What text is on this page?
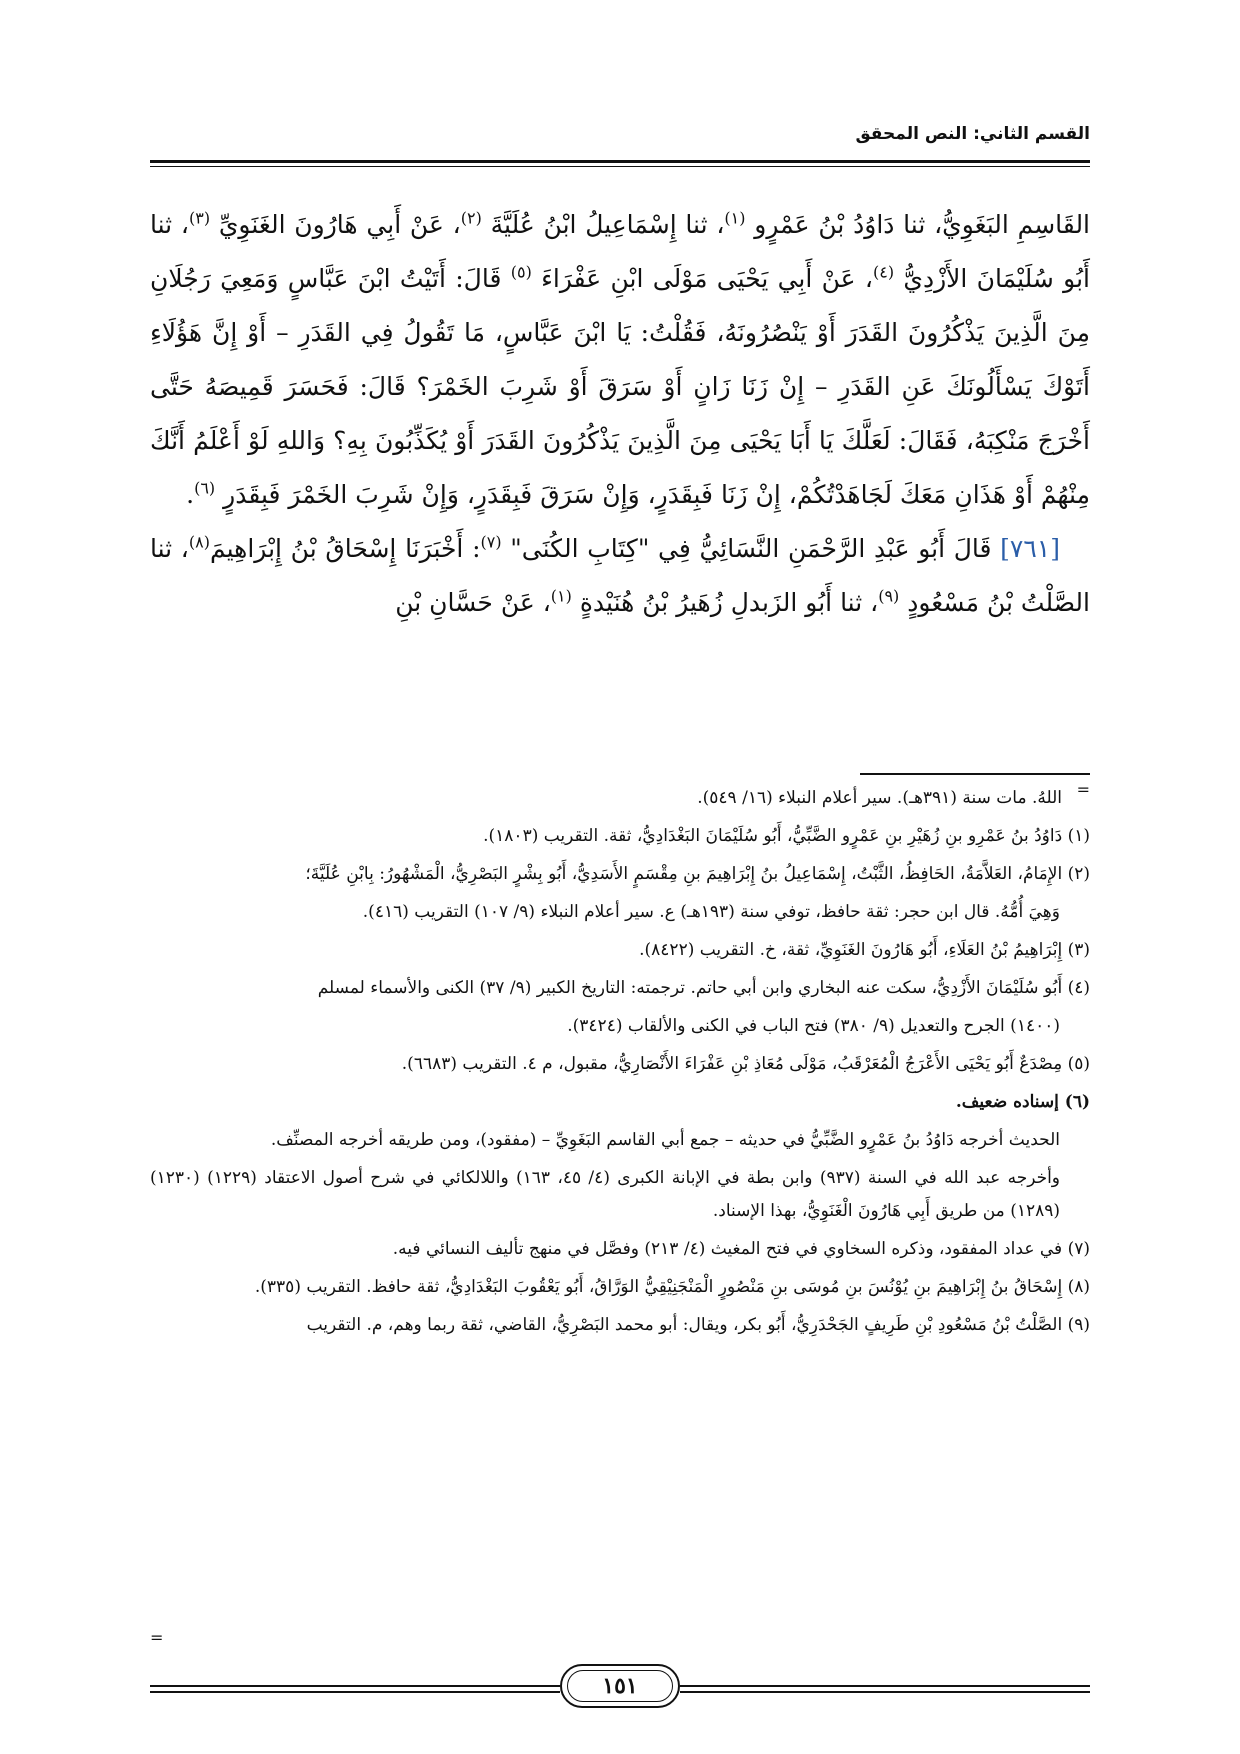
القسم الثاني: النص المحقق

القَاسِمِ البَغَوِيُّ، ثنا دَاوُدُ بْنُ عَمْرٍو $^{(١)}$، ثنا إِسْمَاعِيلُ ابْنُ عُلَيَّةَ $^{(٢)}$، عَنْ أَبِي هَارُونَ الغَنَوِيِّ $^{(٣)}$، ثنا أَبُو سُلَيْمَانَ الأَزْدِيُّ $^{(٤)}$، عَنْ أَبِي يَحْيَى مَوْلَى ابْنِ عَفْرَاءَ $^{(٥)}$ قَالَ: أَتَيْتُ ابْنَ عَبَّاسٍ وَمَعِيَ رَجُلَانِ مِنَ الَّذِينَ يَذْكُرُونَ القَدَرَ أَوْ يَنْصُرُونَهُ، فَقُلْتُ: يَا ابْنَ عَبَّاسٍ، مَا تَقُولُ فِي القَدَرِ – أَوْ إِنَّ هَؤُلَاءِ أَتَوْكَ يَسْأَلُونَكَ عَنِ القَدَرِ – إِنْ زَنَا زَانٍ أَوْ سَرَقَ أَوْ شَرِبَ الخَمْرَ؟ قَالَ: فَحَسَرَ قَمِيصَهُ حَتَّى أَخْرَجَ مَنْكِبَهُ، فَقَالَ: لَعَلَّكَ يَا أَبَا يَحْيَى مِنَ الَّذِينَ يَذْكُرُونَ القَدَرَ أَوْ يُكَذِّبُونَ بِهِ؟ وَاللهِ لَوْ أَعْلَمُ أَنَّكَ مِنْهُمْ أَوْ هَذَانِ مَعَكَ لَجَاهَدْتُكُمْ، إِنْ زَنَا فَبِقَدَرٍ، وَإِنْ سَرَقَ فَبِقَدَرٍ، وَإِنْ شَرِبَ الخَمْرَ فَبِقَدَرٍ $^{(٦)}$.

[٧٦١] قَالَ أَبُو عَبْدِ الرَّحْمَنِ النَّسَائِيُّ فِي "كِتَابِ الكُنَى" $^{(٧)}$: أَخْبَرَنَا إِسْحَاقُ بْنُ إِبْرَاهِيمَ$^{(٨)}$، ثنا الصَّلْتُ بْنُ مَسْعُودٍ $^{(٩)}$، ثنا أَبُو الزَبدلِ زُهَيرُ بْنُ هُنَيْدةٍ $^{(١)}$، عَنْ حَسَّانِ بْنِ

=

اللهُ. مات سنة (٣٩١هـ). سير أعلام النبلاء (١٦/ ٥٤٩).

(١) دَاوُدُ بنُ عَمْرِو بنِ زُهَيْرِ بنِ عَمْرٍو الضَّبِّيُّ، أَبُو سُلَيْمَانَ البَغْدَادِيُّ، ثقة. التقريب (١٨٠٣).

(٢) الإِمَامُ، العَلاَّمَةُ، الحَافِظُ، الثَّبْتُ، إِسْمَاعِيلُ بنُ إِبْرَاهِيمَ بنِ مِقْسَمٍ الأَسَدِيُّ، أَبُو بِشْرٍ البَصْرِيُّ، الْمَشْهُورُ: بِابْنِ عُلَيَّةَ؛

وَهِيَ أُمُّهُ. قال ابن حجر: ثقة حافظ، توفي سنة (١٩٣هـ) ع. سير أعلام النبلاء (٩/ ١٠٧) التقريب (٤١٦).

(٣) إِبْرَاهِيمُ بْنُ العَلَاءِ، أَبُو هَارُونَ الغَنَوِيِّ، ثقة، خ. التقريب (٨٤٢٢).

(٤) أَبُو سُلَيْمَانَ الأَزْدِيُّ، سكت عنه البخاري وابن أبي حاتم. ترجمته: التاريخ الكبير (٩/ ٣٧) الكنى والأسماء لمسلم

(١٤٠٠) الجرح والتعديل (٩/ ٣٨٠) فتح الباب في الكنى والألقاب (٣٤٢٤).

(٥) مِصْدَعٌ أَبُو يَحْيَى الأَعْرَجُ الْمُعَرْقَبُ، مَوْلَى مُعَاذِ بْنِ عَفْرَاءَ الأَنْصَارِيُّ، مقبول، م ٤. التقريب (٦٦٨٣).

(٦) إسناده ضعيف.

الحديث أخرجه دَاوُدُ بنُ عَمْرٍو الضَّبِّيُّ في حديثه – جمع أبي القاسم البَغَوِيِّ – (مفقود)، ومن طريقه أخرجه المصنِّف.

وأخرجه عبد الله في السنة (٩٣٧) وابن بطة في الإبانة الكبرى (٤/ ٤٥، ١٦٣) واللالكائي في شرح أصول الاعتقاد (١٢٢٩) (١٢٣٠) (١٢٨٩) من طريق أَبِي هَارُونَ الْغَنَوِيُّ، بهذا الإسناد.

(٧) في عداد المفقود، وذكره السخاوي في فتح المغيث (٤/ ٢١٣) وفصَّل في منهج تأليف النسائي فيه.

(٨) إِسْحَاقُ بنُ إِبْرَاهِيمَ بنِ يُوْنُسَ بنِ مُوسَى بنِ مَنْصُورٍ الْمَنْجَنِيْقِيُّ الوَرَّاقُ، أَبُو يَعْقُوبَ البَغْدَادِيُّ، ثقة حافظ. التقريب (٣٣٥).

(٩) الصَّلْتُ بْنُ مَسْعُودِ بْنِ طَرِيفٍ الجَحْدَرِيُّ، أَبُو بكر، ويقال: أبو محمد البَصْرِيُّ، القاضي، ثقة ربما وهم، م. التقريب

=
١٥١
